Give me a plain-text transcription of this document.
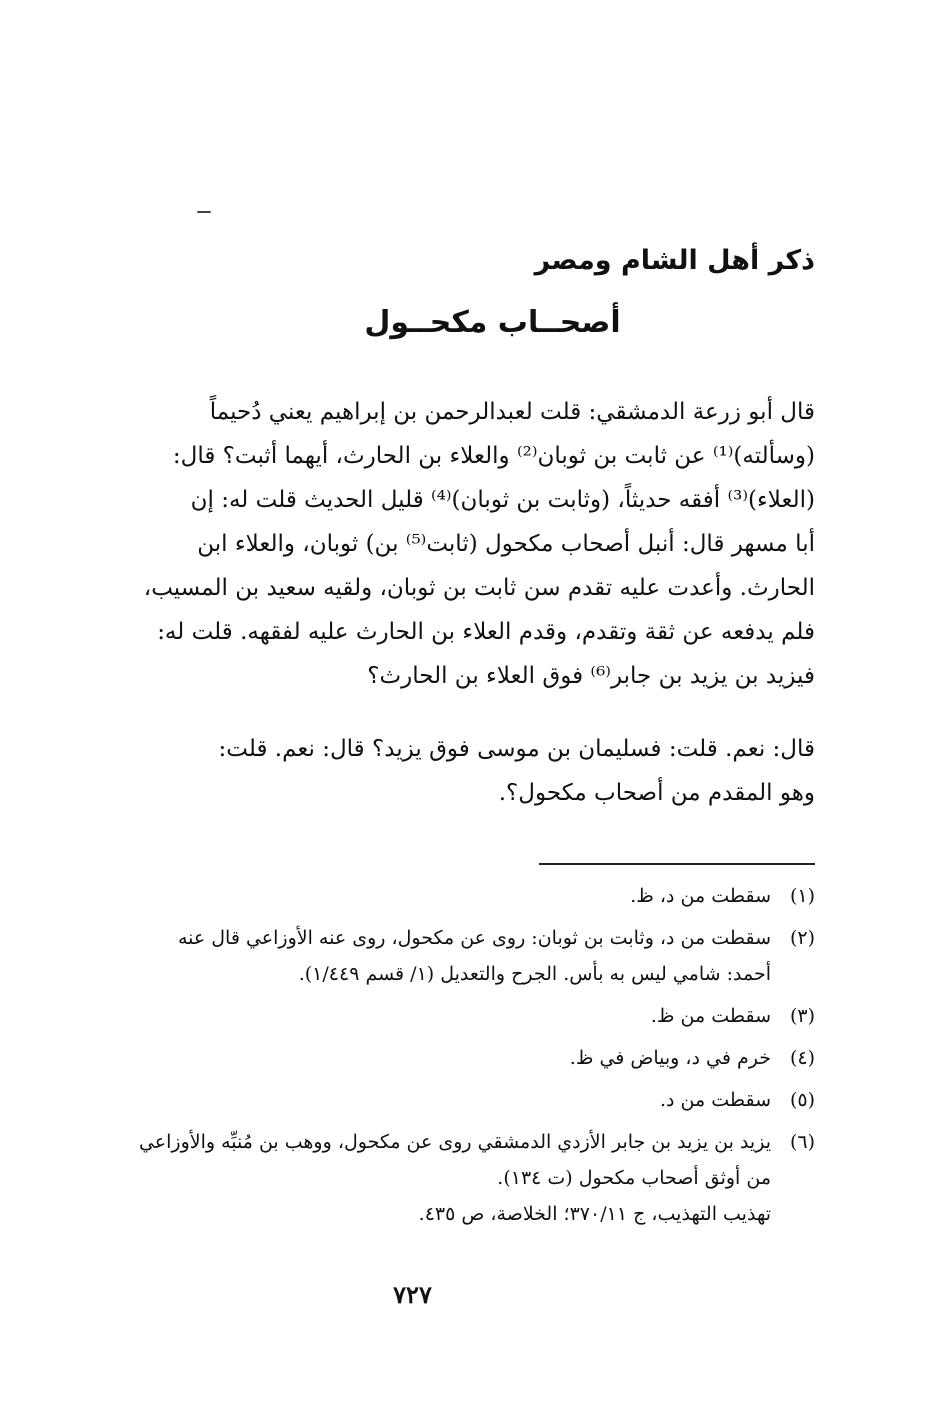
ذكر أهل الشام ومصر
أصحــاب مكحــول
قال أبو زرعة الدمشقي: قلت لعبدالرحمن بن إبراهيم يعني دُحيماً
(وسألته)⁽¹⁾ عن ثابت بن ثوبان⁽²⁾ والعلاء بن الحارث، أيهما أثبت؟ قال:
(العلاء)⁽³⁾ أفقه حديثاً، (وثابت بن ثوبان)⁽⁴⁾ قليل الحديث قلت له: إن
أبا مسهر قال: أنبل أصحاب مكحول (ثابت⁽⁵⁾ بن) ثوبان، والعلاء ابن
الحارث. وأعدت عليه تقدم سن ثابت بن ثوبان، ولقيه سعيد بن المسيب،
فلم يدفعه عن ثقة وتقدم، وقدم العلاء بن الحارث عليه لفقهه. قلت له:
فيزيد بن يزيد بن جابر⁽⁶⁾ فوق العلاء بن الحارث؟
قال: نعم. قلت: فسليمان بن موسى فوق يزيد؟ قال: نعم. قلت:
وهو المقدم من أصحاب مكحول؟.
(١)
سقطت من د، ظ.
(٢)
سقطت من د، وثابت بن ثوبان: روى عن مكحول، روى عنه الأوزاعي قال عنه
أحمد: شامي ليس به بأس. الجرح والتعديل (١/ قسم ١/٤٤٩).
(٣)
سقطت من ظ.
(٤)
خرم في د، وبياض في ظ.
(٥)
سقطت من د.
(٦)
يزيد بن يزيد بن جابر الأزدي الدمشقي روى عن مكحول، ووهب بن مُنبِّه والأوزاعي
من أوثق أصحاب مكحول (ت ١٣٤).
تهذيب التهذيب، ج ٣٧٠/١١؛ الخلاصة، ص ٤٣٥.
٧٢٧
